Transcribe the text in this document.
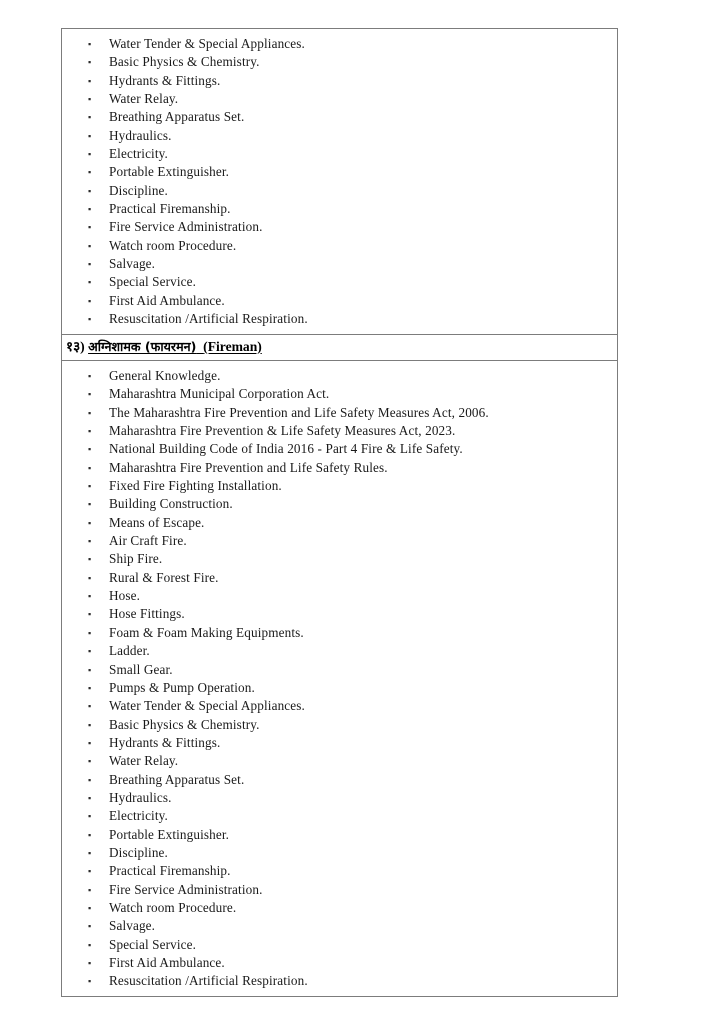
▪ Water Tender & Special Appliances.
▪ Basic Physics & Chemistry.
▪ Hydrants & Fittings.
▪ Water Relay.
▪ Breathing Apparatus Set.
▪ Hydraulics.
▪ Electricity.
▪ Portable Extinguisher.
▪ Discipline.
▪ Practical Firemanship.
▪ Fire Service Administration.
▪ Watch room Procedure.
▪ Salvage.
▪ Special Service.
▪ First Aid Ambulance.
▪ Resuscitation /Artificial Respiration.
१३) अग्निशामक (फायरमन) (Fireman)
▪ General Knowledge.
▪ Maharashtra Municipal Corporation Act.
▪ The Maharashtra Fire Prevention and Life Safety Measures Act, 2006.
▪ Maharashtra Fire Prevention & Life Safety Measures Act, 2023.
▪ National Building Code of India 2016 - Part 4 Fire & Life Safety.
▪ Maharashtra Fire Prevention and Life Safety Rules.
▪ Fixed Fire Fighting Installation.
▪ Building Construction.
▪ Means of Escape.
▪ Air Craft Fire.
▪ Ship Fire.
▪ Rural & Forest Fire.
▪ Hose.
▪ Hose Fittings.
▪ Foam & Foam Making Equipments.
▪ Ladder.
▪ Small Gear.
▪ Pumps & Pump Operation.
▪ Water Tender & Special Appliances.
▪ Basic Physics & Chemistry.
▪ Hydrants & Fittings.
▪ Water Relay.
▪ Breathing Apparatus Set.
▪ Hydraulics.
▪ Electricity.
▪ Portable Extinguisher.
▪ Discipline.
▪ Practical Firemanship.
▪ Fire Service Administration.
▪ Watch room Procedure.
▪ Salvage.
▪ Special Service.
▪ First Aid Ambulance.
▪ Resuscitation /Artificial Respiration.
